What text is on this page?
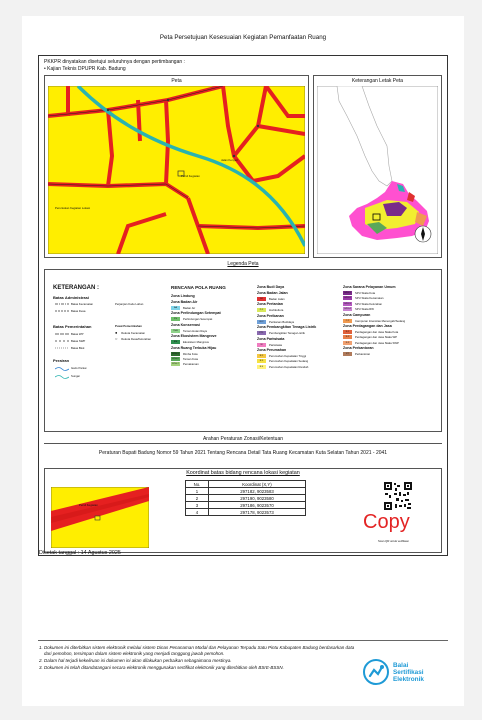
Peta Persetujuan Kesesuaian Kegiatan Pemanfaatan Ruang
PKKPR dinyatakan disetujui seluruhnya dengan pertimbangan :
• Kajian Teknis DPUPR Kab. Badung
Peta
Jalan Kenyeri
Persil Kegiatan
Peruntukan Kegiatan Lokasi
Keterangan Letak Peta
Legenda Peta
KETERANGAN :
Batas Administrasi
Batas Kecamatan
Batas Desa
Perjanjian Kode Lahan
Batas Pemerintahan
Batas WP
Batas SWP
Batas Blok
Perairan
Garis Pantai
Sungai
Pusat Pemerintahan
Ibukota Kecamatan
Ibukota Desa/Kelurahan
●
○
RENCANA POLA RUANG
Zona Lindung
Zona Badan Air
BA	Badan Air
Zona Perlindungan Setempat
PS	Perlindungan Setempat
Zona Konservasi
THR	Taman Hutan Raya
Zona Ekosistem Mangrove
EM	Ekosistem Mangrove
Zona Ruang Terbuka Hijau
RTH-1	Rimba Kota
RTH-2	Taman Kota
RTH-7	Pemakaman
Zona Budi Daya
Zona Badan Jalan
BJ	Badan Jalan
Zona Pertanian
P-2	Hortikultura
Zona Perikanan
IK-2	Perikanan Budidaya
Zona Pembangkitan Tenaga Listrik
PTL	Pembangkitan Tenaga Listrik
Zona Pariwisata
W	Pariwisata
Zona Perumahan
R-2	Perumahan Kepadatan Tinggi
R-3	Perumahan Kepadatan Sedang
R-4	Perumahan Kepadatan Rendah
Zona Sarana Pelayanan Umum
SPU-1	SPU Skala Kota
SPU-2	SPU Skala Kecamatan
SPU-3	SPU Skala Kelurahan
SPU-4	SPU Skala RW
Zona Campuran
C-2	Campuran Intensitas Menengah/Sedang
Zona Perdagangan dan Jasa
K-1	Perdagangan dan Jasa Skala Kota
K-2	Perdagangan dan Jasa Skala WP
K-3	Perdagangan dan Jasa Skala SWP
Zona Perkantoran
KT	Perkantoran
Arahan Peraturan Zonasi/Ketentuan
Peraturan Bupati Badung Nomor 59 Tahun 2021 Tentang Rencana Detail Tata Ruang Kecamatan Kuta Selatan Tahun 2021 - 2041
Koordinat batas bidang rencana lokasi kegiatan
Persil Kegiatan
No.	Koordinat (X,Y)
1	297182, 9023583
2	297190, 9023580
3	297186, 9023570
4	297178, 9023573	Copy
Scan QR untuk verifikasi
Dicetak tanggal : 14 Agustus 2025
1. Dokumen ini diterbitkan sistem elektronik melalui sistem Dinas Penanaman Modal dan Pelayanan Terpadu Satu Pintu Kabupaten Badung berdasarkan data dari pemohon, tersimpan dalam sistem elektronik yang menjadi tanggung jawab pemohon.
2. Dalam hal terjadi kekeliruan isi dokumen ini akan dilakukan perbaikan sebagaimana mestinya.
3. Dokumen ini telah ditandatangani secara elektronik menggunakan sertifikat elektronik yang diterbitkan oleh BSrE-BSSN.	Balai
Sertifikasi
Elektronik
